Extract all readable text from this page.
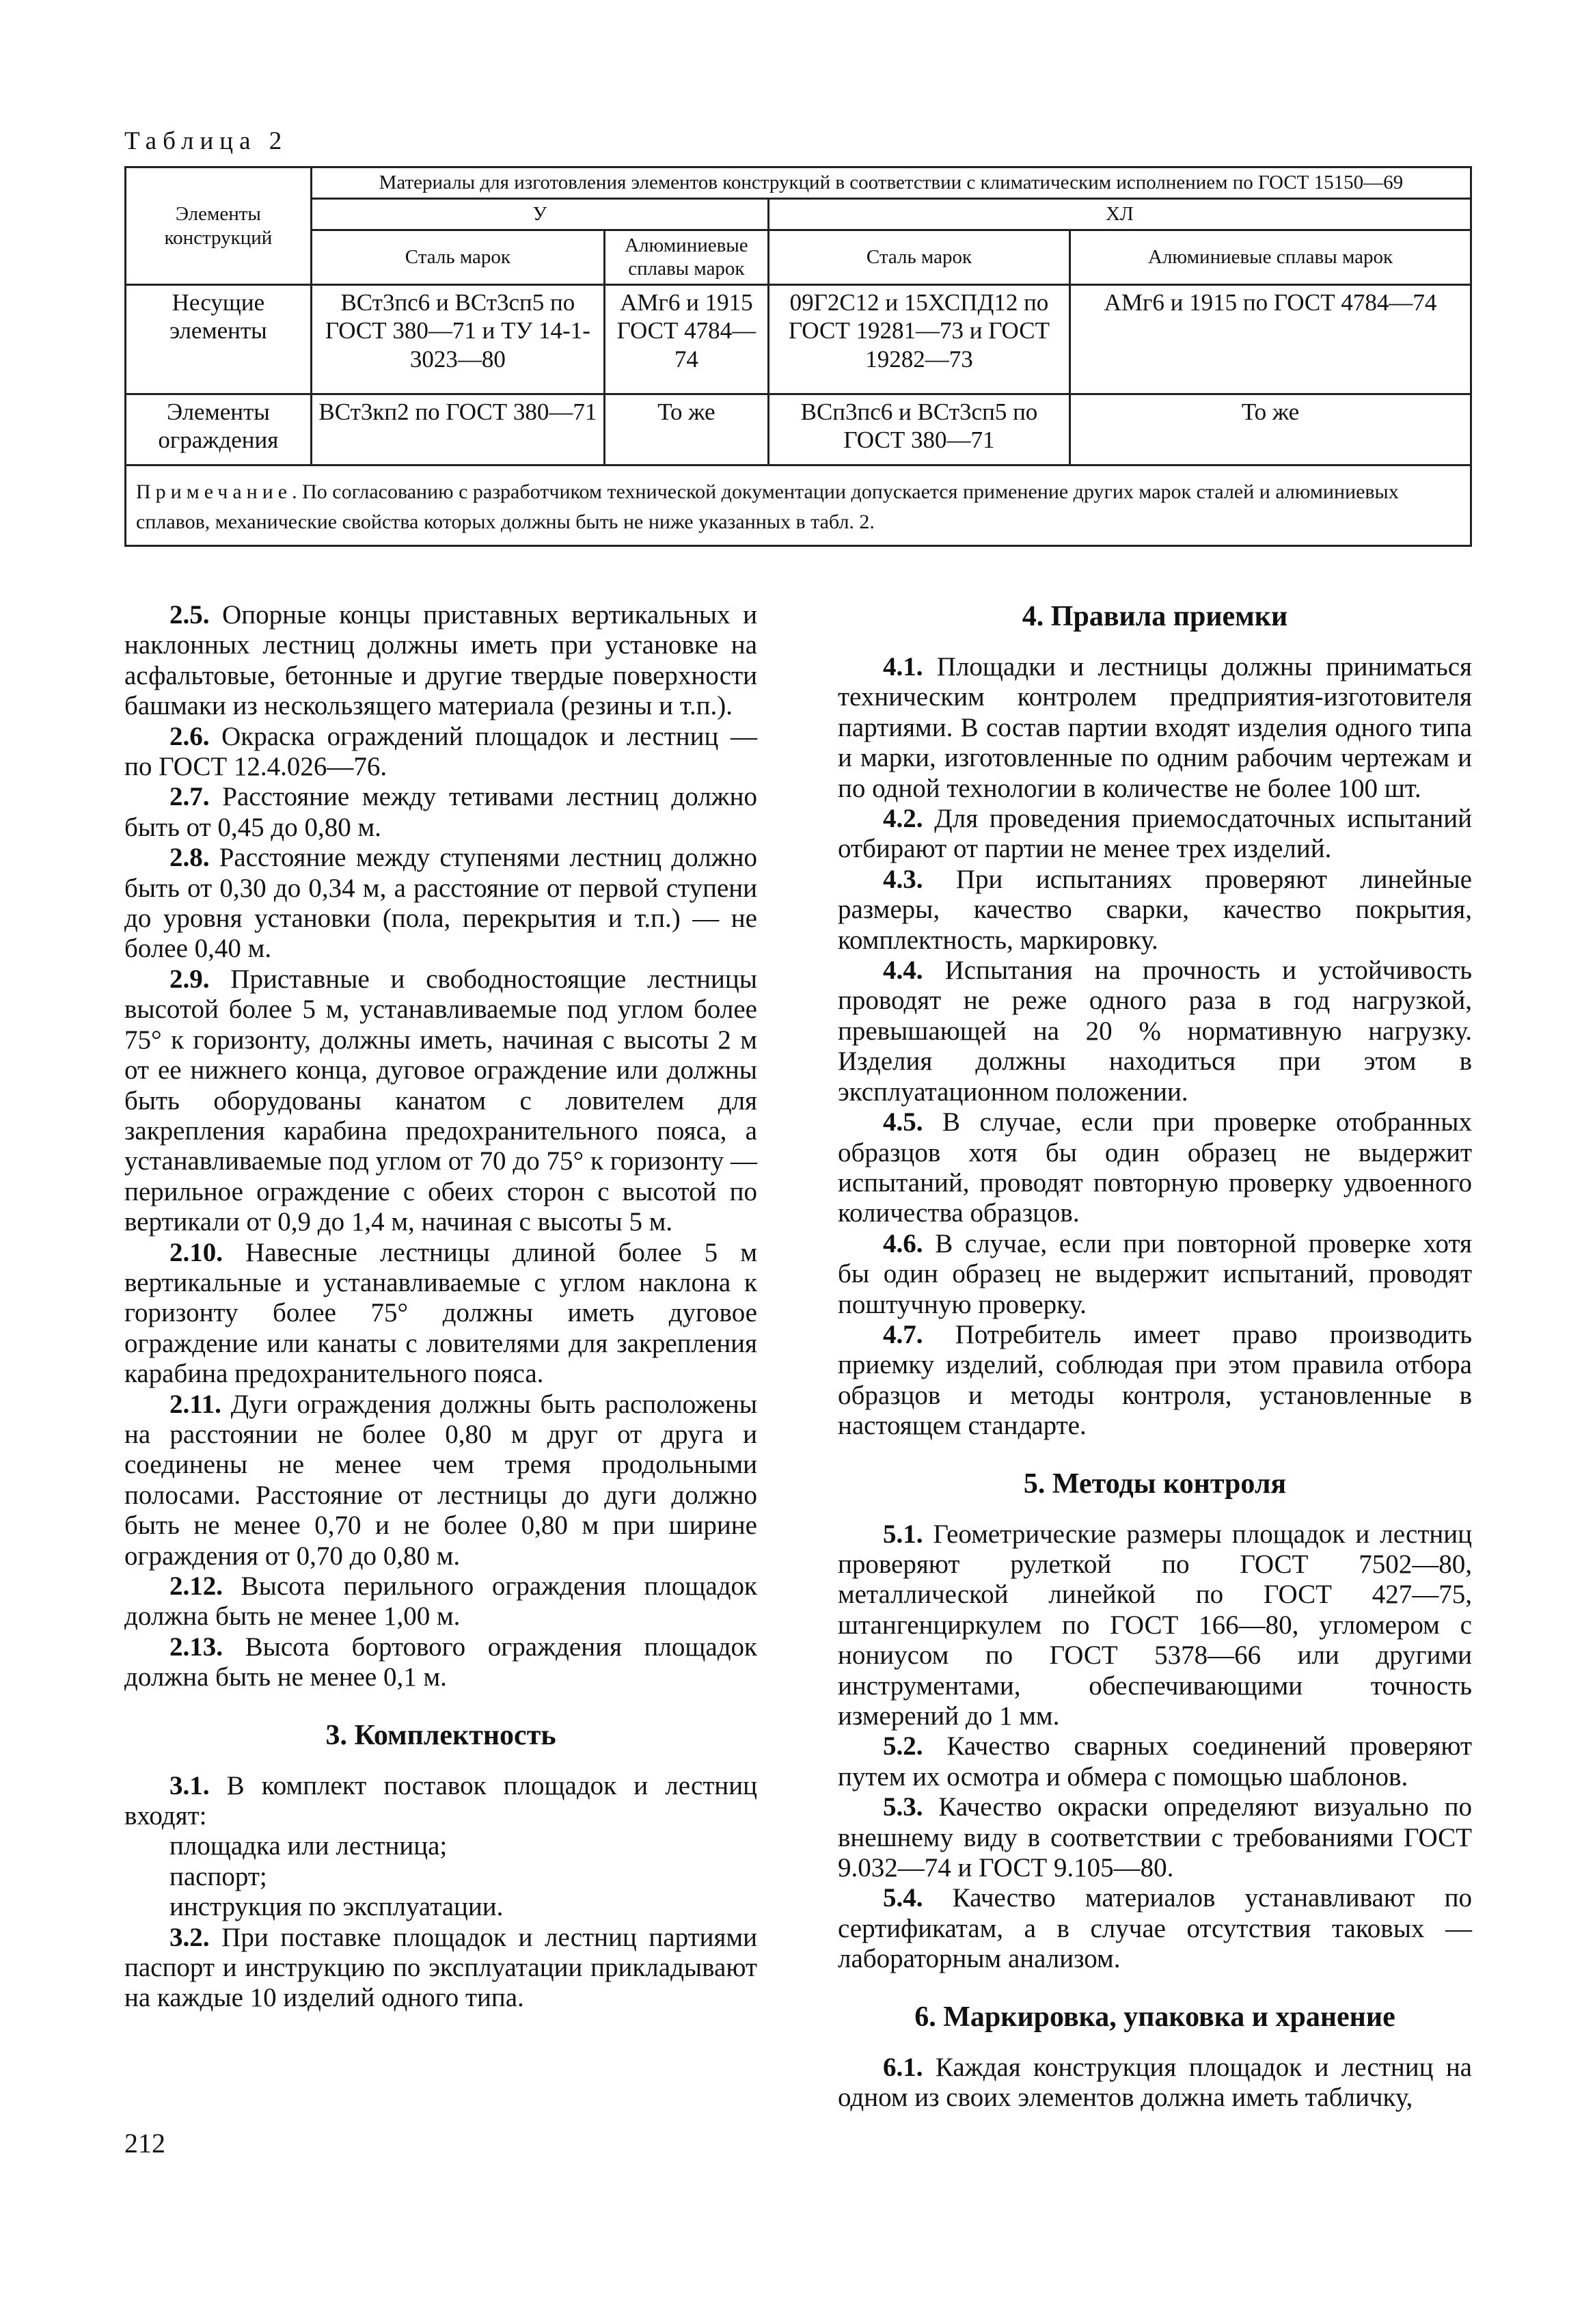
Таблица 2
Элементы конструкций	Материалы для изготовления элементов конструкций в соответствии с климатическим исполнением по ГОСТ 15150—69			
	У		ХЛ	
	Сталь марок	Алюминиевые сплавы марок	Сталь марок	Алюминиевые сплавы марок
Несущие элементы	ВСт3пс6 и ВСт3сп5 по ГОСТ 380—71 и ТУ 14-1-3023—80	АМг6 и 1915 ГОСТ 4784—74	09Г2С12 и 15ХСПД12 по ГОСТ 19281—73 и ГОСТ 19282—73	АМг6 и 1915 по ГОСТ 4784—74
Элементы ограждения	ВСт3кп2 по ГОСТ 380—71	То же	ВСп3пс6 и ВСт3сп5 по ГОСТ 380—71	То же
Примечание. По согласованию с разработчиком технической документации допускается применение других марок сталей и алюминиевых сплавов, механические свойства которых должны быть не ниже указанных в табл. 2.				

2.5. Опорные концы приставных вертикальных и наклонных лестниц должны иметь при установке на асфальтовые, бетонные и другие твердые поверхности башмаки из нескользящего материала (резины и т.п.).

2.6. Окраска ограждений площадок и лестниц — по ГОСТ 12.4.026—76.

2.7. Расстояние между тетивами лестниц должно быть от 0,45 до 0,80 м.

2.8. Расстояние между ступенями лестниц должно быть от 0,30 до 0,34 м, а расстояние от первой ступени до уровня установки (пола, перекрытия и т.п.) — не более 0,40 м.

2.9. Приставные и свободностоящие лестницы высотой более 5 м, устанавливаемые под углом более 75° к горизонту, должны иметь, начиная с высоты 2 м от ее нижнего конца, дуговое ограждение или должны быть оборудованы канатом с ловителем для закрепления карабина предохранительного пояса, а устанавливаемые под углом от 70 до 75° к горизонту — перильное ограждение с обеих сторон с высотой по вертикали от 0,9 до 1,4 м, начиная с высоты 5 м.

2.10. Навесные лестницы длиной более 5 м вертикальные и устанавливаемые с углом наклона к горизонту более 75° должны иметь дуговое ограждение или канаты с ловителями для закрепления карабина предохранительного пояса.

2.11. Дуги ограждения должны быть расположены на расстоянии не более 0,80 м друг от друга и соединены не менее чем тремя продольными полосами. Расстояние от лестницы до дуги должно быть не менее 0,70 и не более 0,80 м при ширине ограждения от 0,70 до 0,80 м.

2.12. Высота перильного ограждения площадок должна быть не менее 1,00 м.

2.13. Высота бортового ограждения площадок должна быть не менее 0,1 м.

3. Комплектность

3.1. В комплект поставок площадок и лестниц входят:

площадка или лестница;

паспорт;

инструкция по эксплуатации.

3.2. При поставке площадок и лестниц партиями паспорт и инструкцию по эксплуатации прикладывают на каждые 10 изделий одного типа.

4. Правила приемки

4.1. Площадки и лестницы должны приниматься техническим контролем предприятия-изготовителя партиями. В состав партии входят изделия одного типа и марки, изготовленные по одним рабочим чертежам и по одной технологии в количестве не более 100 шт.

4.2. Для проведения приемосдаточных испытаний отбирают от партии не менее трех изделий.

4.3. При испытаниях проверяют линейные размеры, качество сварки, качество покрытия, комплектность, маркировку.

4.4. Испытания на прочность и устойчивость проводят не реже одного раза в год нагрузкой, превышающей на 20 % нормативную нагрузку. Изделия должны находиться при этом в эксплуатационном положении.

4.5. В случае, если при проверке отобранных образцов хотя бы один образец не выдержит испытаний, проводят повторную проверку удвоенного количества образцов.

4.6. В случае, если при повторной проверке хотя бы один образец не выдержит испытаний, проводят поштучную проверку.

4.7. Потребитель имеет право производить приемку изделий, соблюдая при этом правила отбора образцов и методы контроля, установленные в настоящем стандарте.

5. Методы контроля

5.1. Геометрические размеры площадок и лестниц проверяют рулеткой по ГОСТ 7502—80, металлической линейкой по ГОСТ 427—75, штангенциркулем по ГОСТ 166—80, угломером с нониусом по ГОСТ 5378—66 или другими инструментами, обеспечивающими точность измерений до 1 мм.

5.2. Качество сварных соединений проверяют путем их осмотра и обмера с помощью шаблонов.

5.3. Качество окраски определяют визуально по внешнему виду в соответствии с требованиями ГОСТ 9.032—74 и ГОСТ 9.105—80.

5.4. Качество материалов устанавливают по сертификатам, а в случае отсутствия таковых — лабораторным анализом.

6. Маркировка, упаковка и хранение

6.1. Каждая конструкция площадок и лестниц на одном из своих элементов должна иметь табличку,

212
